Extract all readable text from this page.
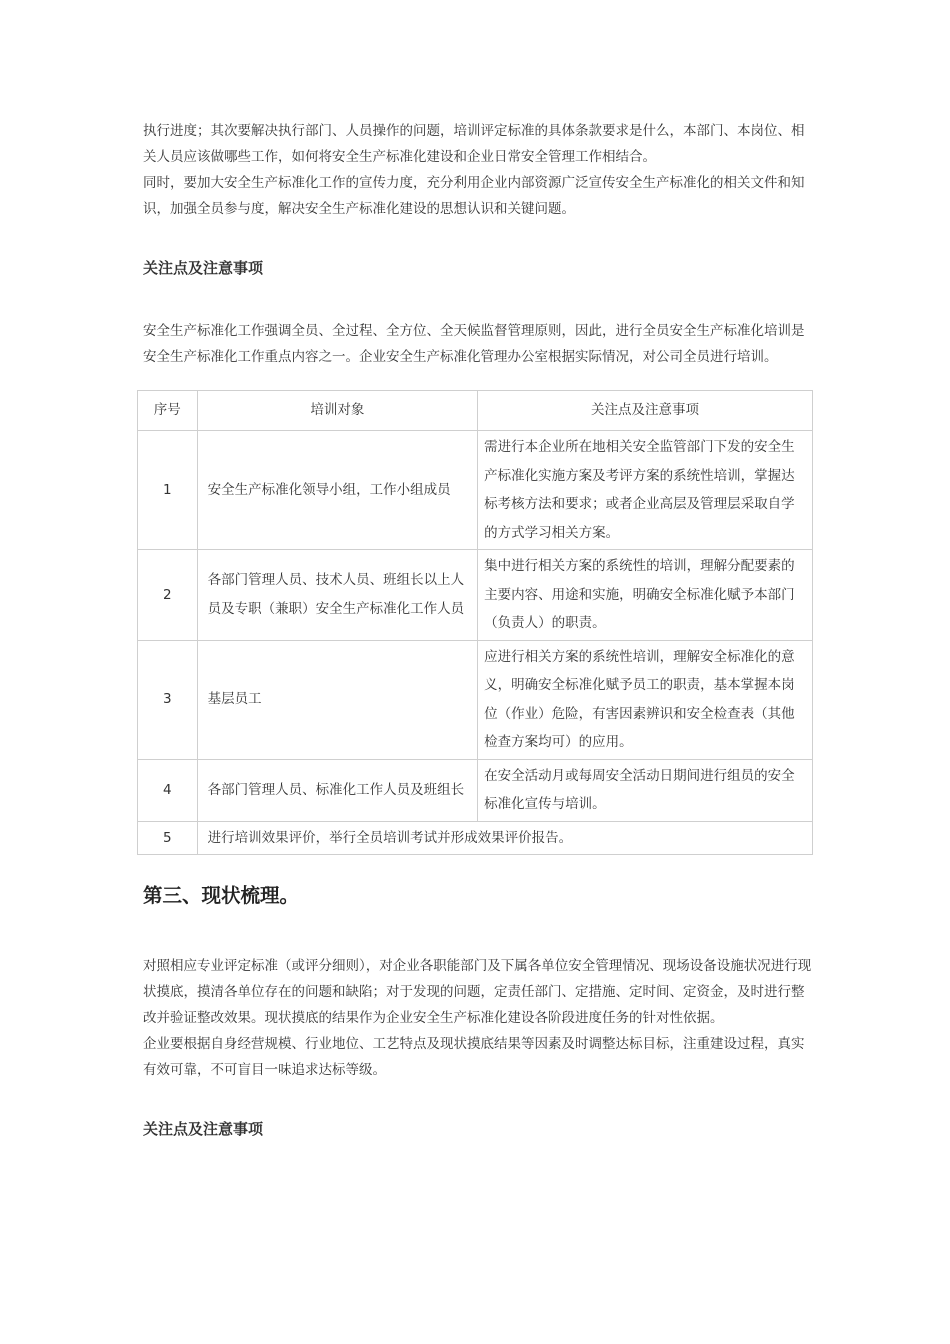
执行进度；其次要解决执行部门、人员操作的问题，培训评定标准的具体条款要求是什么，本部门、本岗位、相关人员应该做哪些工作，如何将安全生产标准化建设和企业日常安全管理工作相结合。

同时，要加大安全生产标准化工作的宣传力度，充分利用企业内部资源广泛宣传安全生产标准化的相关文件和知识，加强全员参与度，解决安全生产标准化建设的思想认识和关键问题。

关注点及注意事项

安全生产标准化工作强调全员、全过程、全方位、全天候监督管理原则，因此，进行全员安全生产标准化培训是安全生产标准化工作重点内容之一。企业安全生产标准化管理办公室根据实际情况，对公司全员进行培训。

序号	培训对象	关注点及注意事项
1	安全生产标准化领导小组，工作小组成员	需进行本企业所在地相关安全监管部门下发的安全生产标准化实施方案及考评方案的系统性培训，掌握达标考核方法和要求；或者企业高层及管理层采取自学的方式学习相关方案。
2	各部门管理人员、技术人员、班组长以上人员及专职（兼职）安全生产标准化工作人员	集中进行相关方案的系统性的培训，理解分配要素的主要内容、用途和实施，明确安全标准化赋予本部门（负责人）的职责。
3	基层员工	应进行相关方案的系统性培训，理解安全标准化的意义，明确安全标准化赋予员工的职责，基本掌握本岗位（作业）危险，有害因素辨识和安全检查表（其他检查方案均可）的应用。
4	各部门管理人员、标准化工作人员及班组长	在安全活动月或每周安全活动日期间进行组员的安全标准化宣传与培训。
5	进行培训效果评价，举行全员培训考试并形成效果评价报告。	
第三、现状梳理。

对照相应专业评定标准（或评分细则），对企业各职能部门及下属各单位安全管理情况、现场设备设施状况进行现状摸底，摸清各单位存在的问题和缺陷；对于发现的问题，定责任部门、定措施、定时间、定资金，及时进行整改并验证整改效果。现状摸底的结果作为企业安全生产标准化建设各阶段进度任务的针对性依据。

企业要根据自身经营规模、行业地位、工艺特点及现状摸底结果等因素及时调整达标目标，注重建设过程，真实有效可靠，不可盲目一味追求达标等级。

关注点及注意事项
